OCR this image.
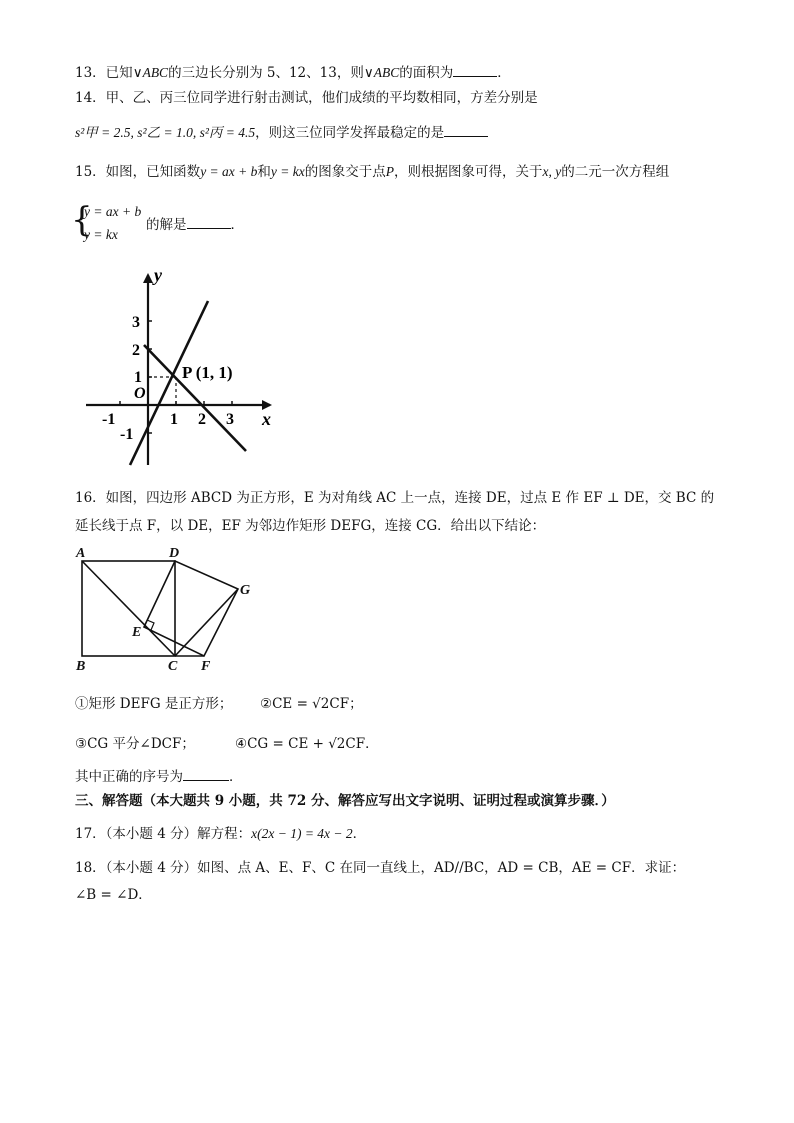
13．已知∨ABC的三边长分别为 5、12、13，则∨ABC的面积为	．
14．甲、乙、丙三位同学进行射击测试，他们成绩的平均数相同，方差分别是
s²甲 = 2.5, s²乙 = 1.0, s²丙 = 4.5，则这三位同学发挥最稳定的是
15．如图，已知函数y = ax + b和y = kx的图象交于点P，则根据图象可得，关于x, y的二元一次方程组
{
y = ax + b
y = kx
的解是	．
y
x
O
-1	1 2 3
3
2
1
-1
P (1, 1)
16．如图，四边形 ABCD 为正方形，E 为对角线 AC 上一点，连接 DE，过点 E 作 EF ⊥ DE，交 BC 的
延长线于点 F，以 DE，EF 为邻边作矩形 DEFG，连接 CG．给出以下结论：
A	D
G
E
B	C F
①矩形 DEFG 是正方形； ②CE = √2CF；
③CG 平分∠DCF；	④CG = CE + √2CF．
其中正确的序号为	．
三、解答题（本大题共 9 小题，共 72 分、解答应写出文字说明、证明过程或演算步骤．）
17．（本小题 4 分）解方程：x(2x − 1) = 4x − 2．
18．（本小题 4 分）如图、点 A、E、F、C 在同一直线上，AD//BC，AD = CB，AE = CF．求证：
∠B = ∠D．
